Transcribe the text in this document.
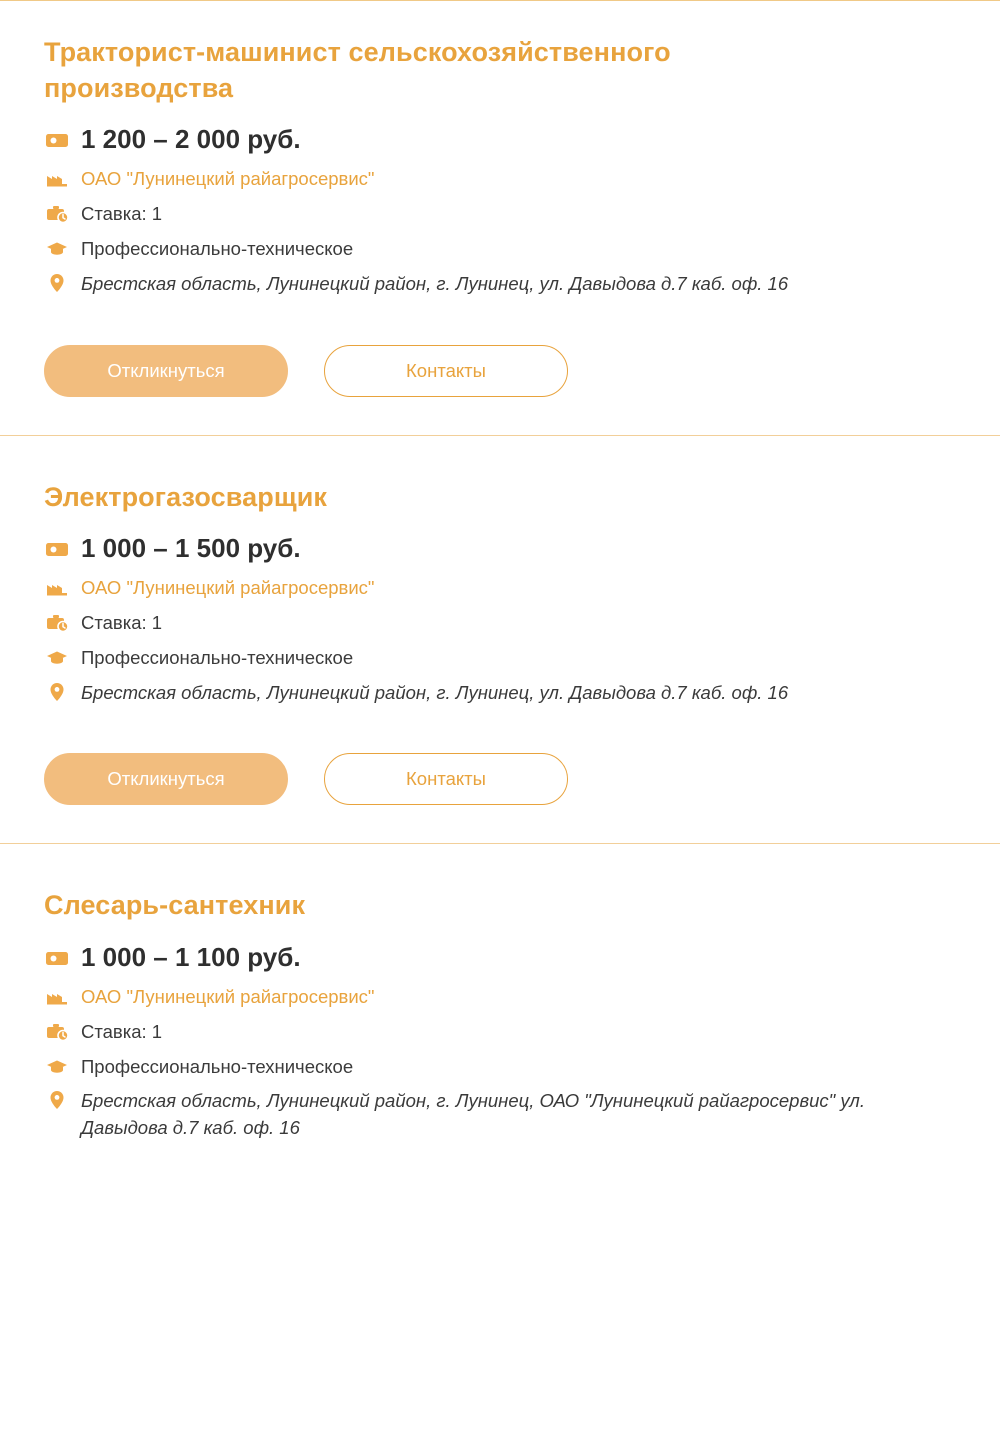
Тракторист-машинист сельскохозяйственного производства
1 200 – 2 000 руб.
ОАО "Лунинецкий райагросервис"
Ставка: 1
Профессионально-техническое
Брестская область, Лунинецкий район, г. Лунинец, ул. Давыдова д.7 каб. оф. 16
Откликнуться	Контакты
Электрогазосварщик
1 000 – 1 500 руб.
ОАО "Лунинецкий райагросервис"
Ставка: 1
Профессионально-техническое
Брестская область, Лунинецкий район, г. Лунинец, ул. Давыдова д.7 каб. оф. 16
Откликнуться	Контакты
Слесарь-сантехник
1 000 – 1 100 руб.
ОАО "Лунинецкий райагросервис"
Ставка: 1
Профессионально-техническое
Брестская область, Лунинецкий район, г. Лунинец, ОАО "Лунинецкий райагросервис" ул. Давыдова д.7 каб. оф. 16
